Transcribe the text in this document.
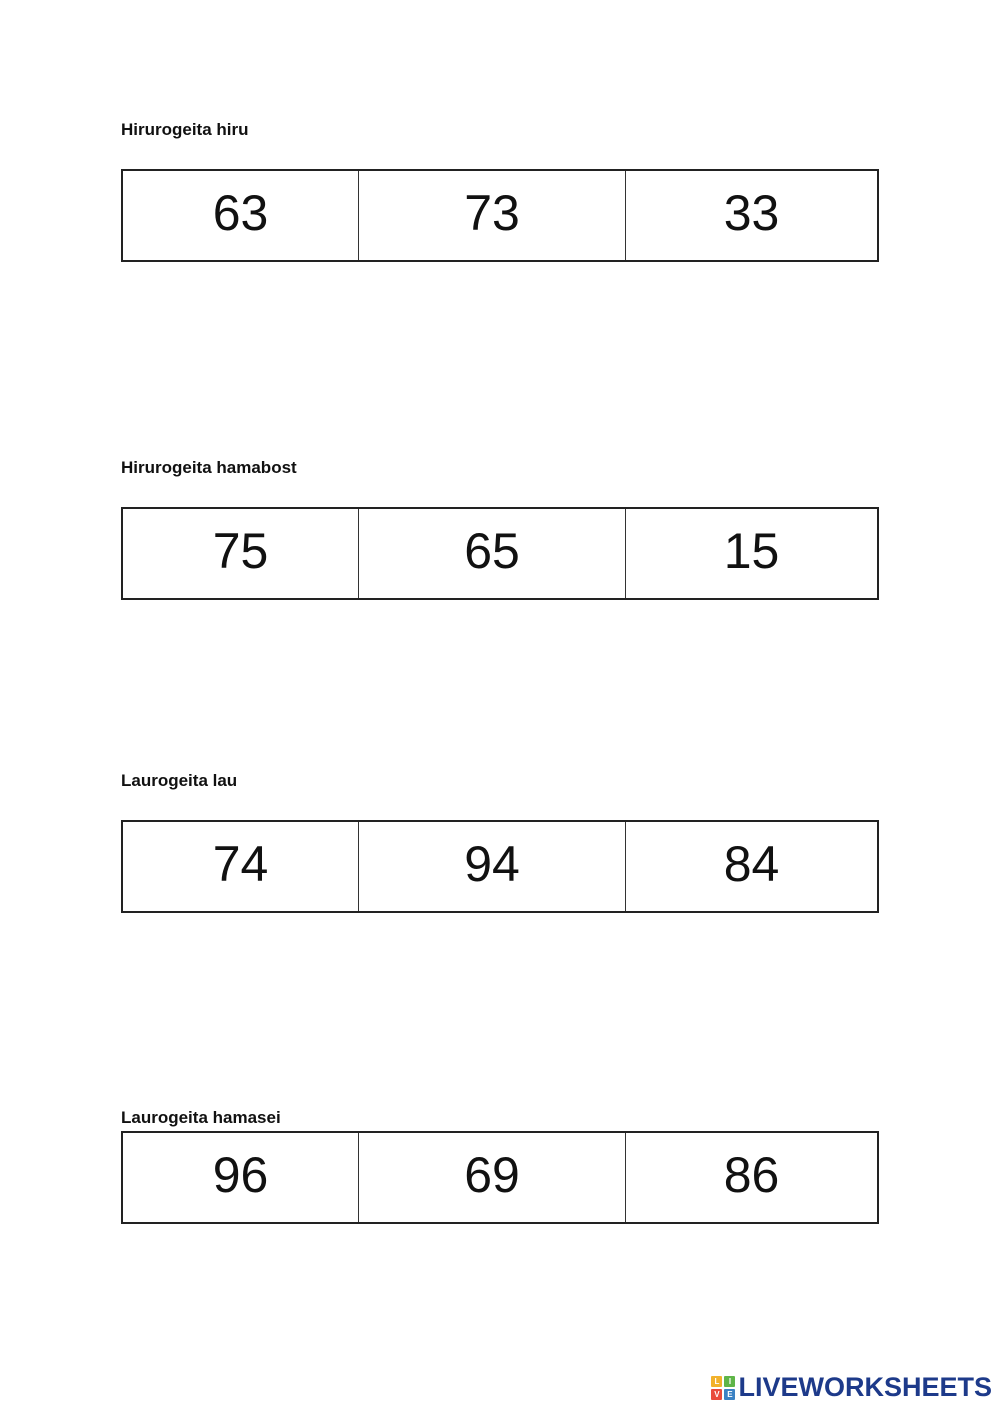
Hirurogeita hiru
63	73	33
Hirurogeita hamabost
75	65	15
Laurogeita lau
74	94	84
Laurogeita hamasei
96	69	86
L	I
V E LIVEWORKSHEETS
